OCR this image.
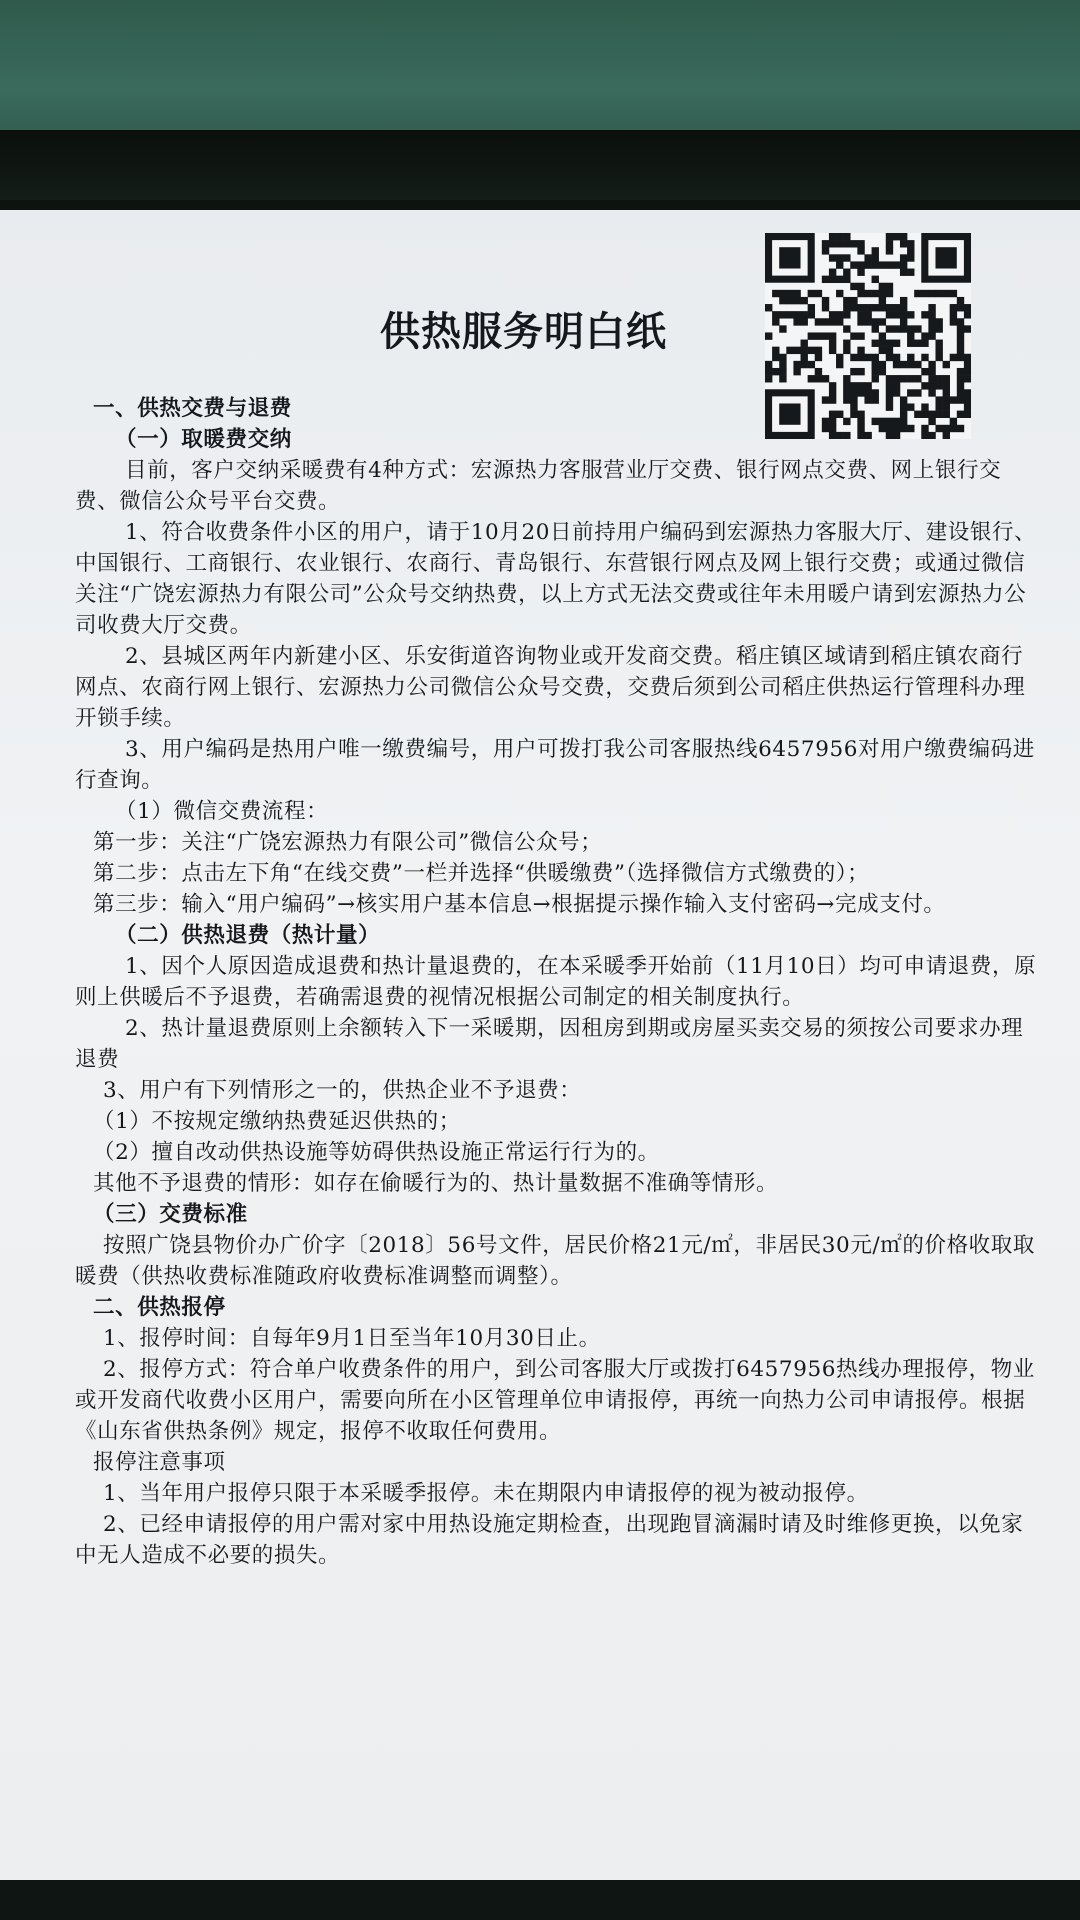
供热服务明白纸

一、供热交费与退费

（一）取暖费交纳

目前，客户交纳采暖费有4种方式：宏源热力客服营业厅交费、银行网点交费、网上银行交费、微信公众号平台交费。

1、符合收费条件小区的用户，请于10月20日前持用户编码到宏源热力客服大厅、建设银行、中国银行、工商银行、农业银行、农商行、青岛银行、东营银行网点及网上银行交费；或通过微信关注“广饶宏源热力有限公司”公众号交纳热费，以上方式无法交费或往年未用暖户请到宏源热力公司收费大厅交费。

2、县城区两年内新建小区、乐安街道咨询物业或开发商交费。稻庄镇区域请到稻庄镇农商行网点、农商行网上银行、宏源热力公司微信公众号交费，交费后须到公司稻庄供热运行管理科办理开锁手续。

3、用户编码是热用户唯一缴费编号，用户可拨打我公司客服热线6457956对用户缴费编码进行查询。

（1）微信交费流程：

第一步：关注“广饶宏源热力有限公司”微信公众号；

第二步：点击左下角“在线交费”一栏并选择“供暖缴费”（选择微信方式缴费的）；

第三步：输入“用户编码”→核实用户基本信息→根据提示操作输入支付密码→完成支付。

（二）供热退费（热计量）

1、因个人原因造成退费和热计量退费的，在本采暖季开始前（11月10日）均可申请退费，原则上供暖后不予退费，若确需退费的视情况根据公司制定的相关制度执行。

2、热计量退费原则上余额转入下一采暖期，因租房到期或房屋买卖交易的须按公司要求办理退费

3、用户有下列情形之一的，供热企业不予退费：

（1）不按规定缴纳热费延迟供热的；

（2）擅自改动供热设施等妨碍供热设施正常运行行为的。

其他不予退费的情形：如存在偷暖行为的、热计量数据不准确等情形。

（三）交费标准

按照广饶县物价办广价字〔2018〕56号文件，居民价格21元/㎡，非居民30元/㎡的价格收取取暖费（供热收费标准随政府收费标准调整而调整）。

二、供热报停

1、报停时间：自每年9月1日至当年10月30日止。

2、报停方式：符合单户收费条件的用户，到公司客服大厅或拨打6457956热线办理报停，物业或开发商代收费小区用户，需要向所在小区管理单位申请报停，再统一向热力公司申请报停。根据《山东省供热条例》规定，报停不收取任何费用。

报停注意事项

1、当年用户报停只限于本采暖季报停。未在期限内申请报停的视为被动报停。

2、已经申请报停的用户需对家中用热设施定期检查，出现跑冒滴漏时请及时维修更换，以免家中无人造成不必要的损失。
